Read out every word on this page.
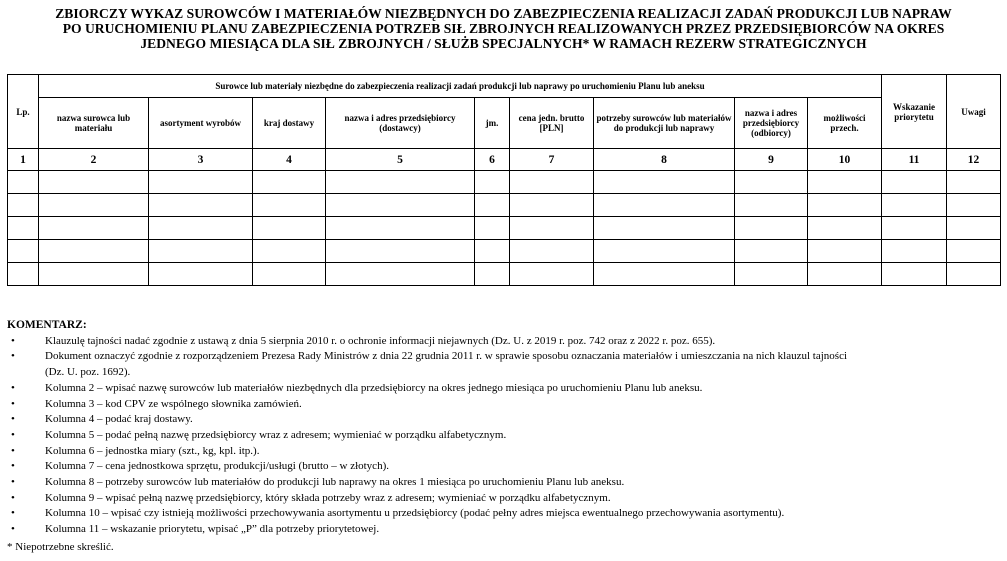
ZBIORCZY WYKAZ SUROWCÓW I MATERIAŁÓW NIEZBĘDNYCH DO ZABEZPIECZENIA REALIZACJI ZADAŃ PRODUKCJI LUB NAPRAW
PO URUCHOMIENIU PLANU ZABEZPIECZENIA POTRZEB SIŁ ZBROJNYCH REALIZOWANYCH PRZEZ PRZEDSIĘBIORCÓW NA OKRES
JEDNEGO MIESIĄCA DLA SIŁ ZBROJNYCH / SŁUŻB SPECJALNYCH* W RAMACH REZERW STRATEGICZNYCH
Lp.	Surowce lub materiały niezbędne do zabezpieczenia realizacji zadań produkcji lub naprawy po uruchomieniu Planu lub aneksu									Wskazanie priorytetu	Uwagi
	nazwa surowca lub materiału	asortyment wyrobów	kraj dostawy	nazwa i adres przedsiębiorcy (dostawcy)	jm.	cena jedn. brutto [PLN]	potrzeby surowców lub materiałów do produkcji lub naprawy	nazwa i adres przedsiębiorcy (odbiorcy)	możliwości przech.		
1	2	3	4	5	6	7	8	9	10	11	12

KOMENTARZ:
•	Klauzulę tajności nadać zgodnie z ustawą z dnia 5 sierpnia 2010 r. o ochronie informacji niejawnych (Dz. U. z 2019 r. poz. 742 oraz z 2022 r. poz. 655).
•	Dokument oznaczyć zgodnie z rozporządzeniem Prezesa Rady Ministrów z dnia 22 grudnia 2011 r. w sprawie sposobu oznaczania materiałów i umieszczania na nich klauzul tajności
(Dz. U. poz. 1692).
•	Kolumna 2 – wpisać nazwę surowców lub materiałów niezbędnych dla przedsiębiorcy na okres jednego miesiąca po uruchomieniu Planu lub aneksu.
•	Kolumna 3 – kod CPV ze wspólnego słownika zamówień.
•	Kolumna 4 – podać kraj dostawy.
•	Kolumna 5 – podać pełną nazwę przedsiębiorcy wraz z adresem; wymieniać w porządku alfabetycznym.
•	Kolumna 6 – jednostka miary (szt., kg, kpl. itp.).
•	Kolumna 7 – cena jednostkowa sprzętu, produkcji/usługi (brutto – w złotych).
•	Kolumna 8 – potrzeby surowców lub materiałów do produkcji lub naprawy na okres 1 miesiąca po uruchomieniu Planu lub aneksu.
•	Kolumna 9 – wpisać pełną nazwę przedsiębiorcy, który składa potrzeby wraz z adresem; wymieniać w porządku alfabetycznym.
•	Kolumna 10 – wpisać czy istnieją możliwości przechowywania asortymentu u przedsiębiorcy (podać pełny adres miejsca ewentualnego przechowywania asortymentu).
•	Kolumna 11 – wskazanie priorytetu, wpisać „P” dla potrzeby priorytetowej.
* Niepotrzebne skreślić.
